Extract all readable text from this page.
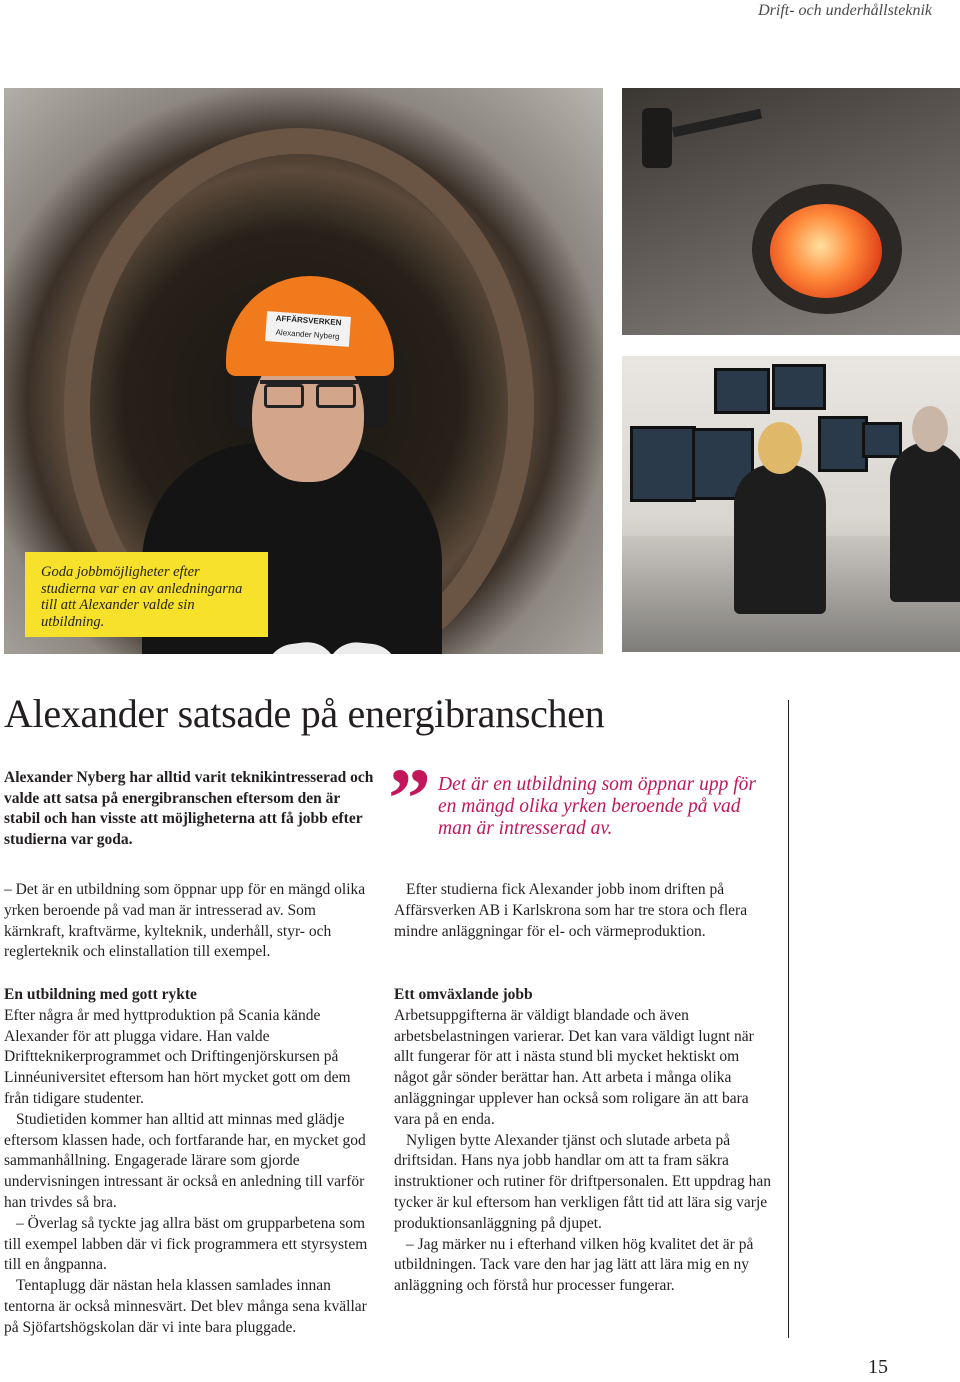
Drift- och underhållsteknik
AFFÄRSVERKEN
Alexander Nyberg
Goda jobbmöjligheter efter studierna var en av anledningarna till att Alexander valde sin utbildning.
Alexander satsade på energibranschen

Alexander Nyberg har alltid varit teknikintresserad och valde att satsa på energibranschen eftersom den är stabil och han visste att möjligheterna att få jobb efter studierna var goda.	” Det är en utbildning som öppnar upp för en mängd olika yrken beroende på vad man är intresserad av.

– Det är en utbildning som öppnar upp för en mängd olika yrken beroende på vad man är intresserad av. Som kärnkraft, kraftvärme, kylteknik, underhåll, styr- och reglerteknik och elinstallation till exempel.

En utbildning med gott rykte

Efter några år med hyttproduktion på Scania kände Alexander för att plugga vidare. Han valde Driftteknikerprogrammet och Driftingenjörskursen på Linnéuniversitet eftersom han hört mycket gott om dem från tidigare studenter.

Studietiden kommer han alltid att minnas med glädje eftersom klassen hade, och fortfarande har, en mycket god sammanhållning. Engagerade lärare som gjorde undervisningen intressant är också en anledning till varför han trivdes så bra.

– Överlag så tyckte jag allra bäst om grupparbetena som till exempel labben där vi fick programmera ett styrsystem till en ångpanna.

Tentaplugg där nästan hela klassen samlades innan tentorna är också minnesvärt. Det blev många sena kvällar på Sjöfartshögskolan där vi inte bara pluggade.

Efter studierna fick Alexander jobb inom driften på Affärsverken AB i Karlskrona som har tre stora och flera mindre anläggningar för el- och värmeproduktion.

Ett omväxlande jobb

Arbetsuppgifterna är väldigt blandade och även arbetsbelastningen varierar. Det kan vara väldigt lugnt när allt fungerar för att i nästa stund bli mycket hektiskt om något går sönder berättar han. Att arbeta i många olika anläggningar upplever han också som roligare än att bara vara på en enda.

Nyligen bytte Alexander tjänst och slutade arbeta på driftsidan. Hans nya jobb handlar om att ta fram säkra instruktioner och rutiner för driftpersonalen. Ett uppdrag han tycker är kul eftersom han verkligen fått tid att lära sig varje produktionsanläggning på djupet.

– Jag märker nu i efterhand vilken hög kvalitet det är på utbildningen. Tack vare den har jag lätt att lära mig en ny anläggning och förstå hur processer fungerar.

15
